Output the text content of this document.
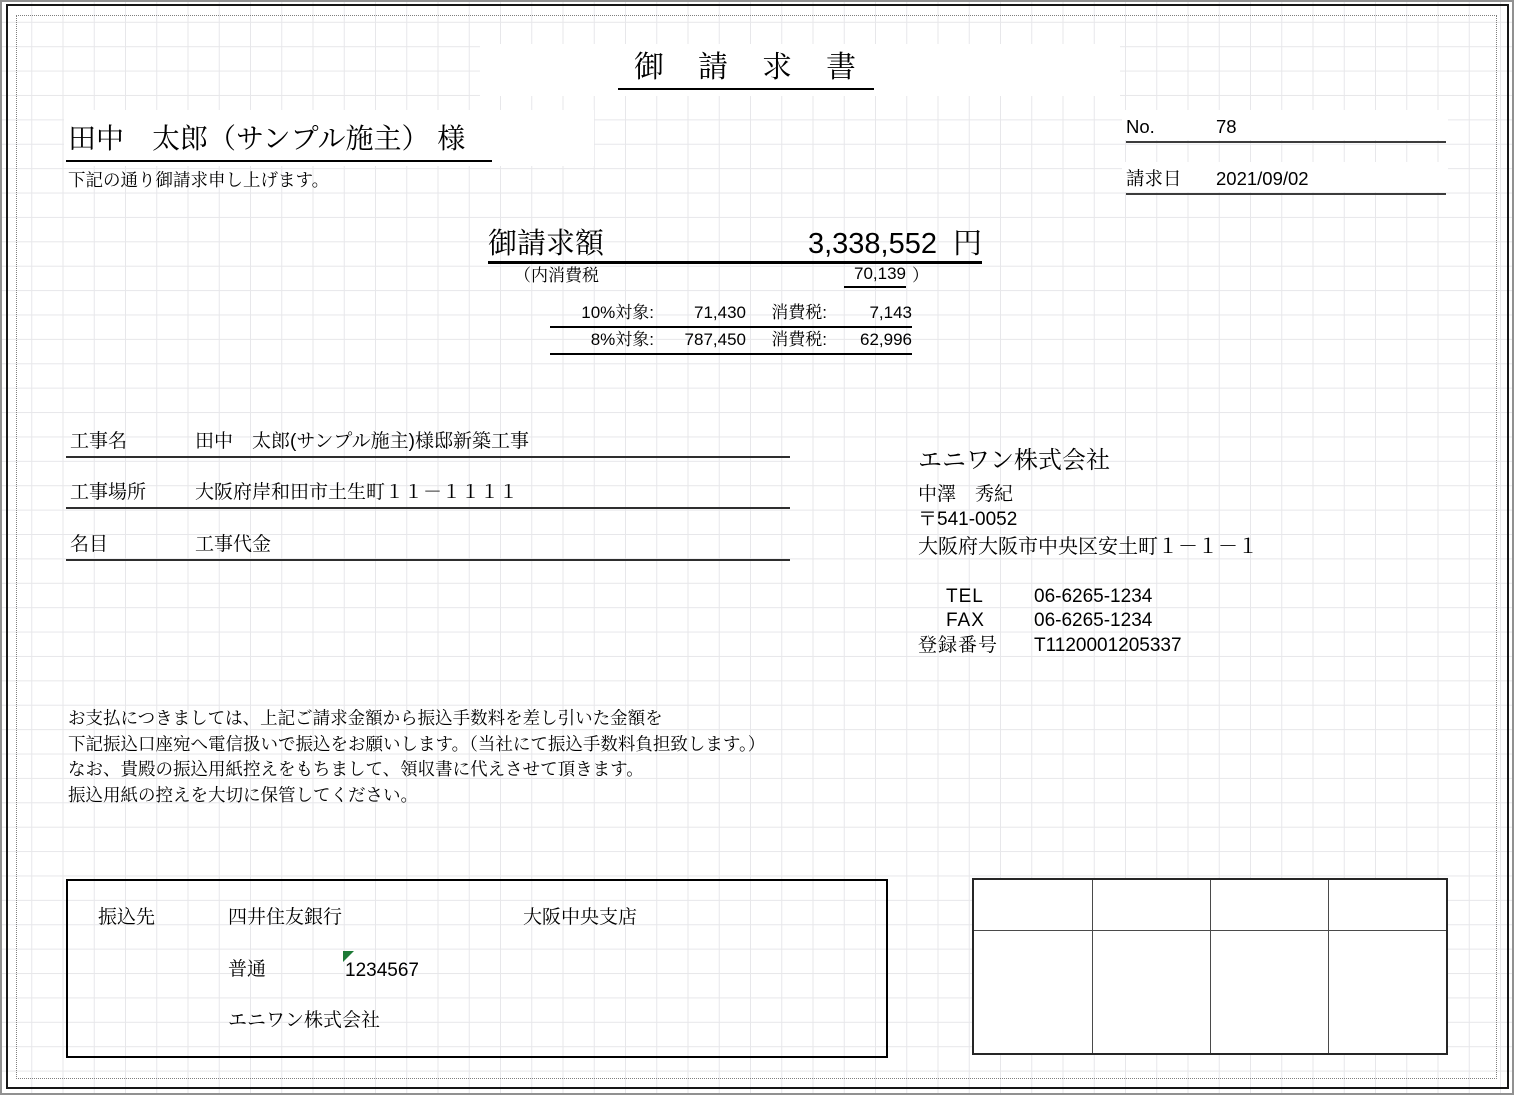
御　請　求　書
田中　太郎（サンプル施主） 様
下記の通り御請求申し上げます。
No.	78
請求日 2021/09/02
御請求額	3,338,552 円
（内消費税	70,139 ）
10%対象:	71,430	消費税:	7,143
8%対象:	787,450	消費税:	62,996
工事名	田中　太郎(サンプル施主)様邸新築工事
工事場所	大阪府岸和田市土生町１１－１１１１
名目	工事代金
エニワン株式会社
中澤　秀紀
〒541-0052
大阪府大阪市中央区安土町１－１－１
TEL	06-6265-1234
FAX	06-6265-1234
登録番号 T1120001205337
お支払につきましては、上記ご請求金額から振込手数料を差し引いた金額を
下記振込口座宛へ電信扱いで振込をお願いします。（当社にて振込手数料負担致します。）
なお、貴殿の振込用紙控えをもちまして、領収書に代えさせて頂きます。
振込用紙の控えを大切に保管してください。
振込先	四井住友銀行	大阪中央支店
普通	1234567
エニワン株式会社
